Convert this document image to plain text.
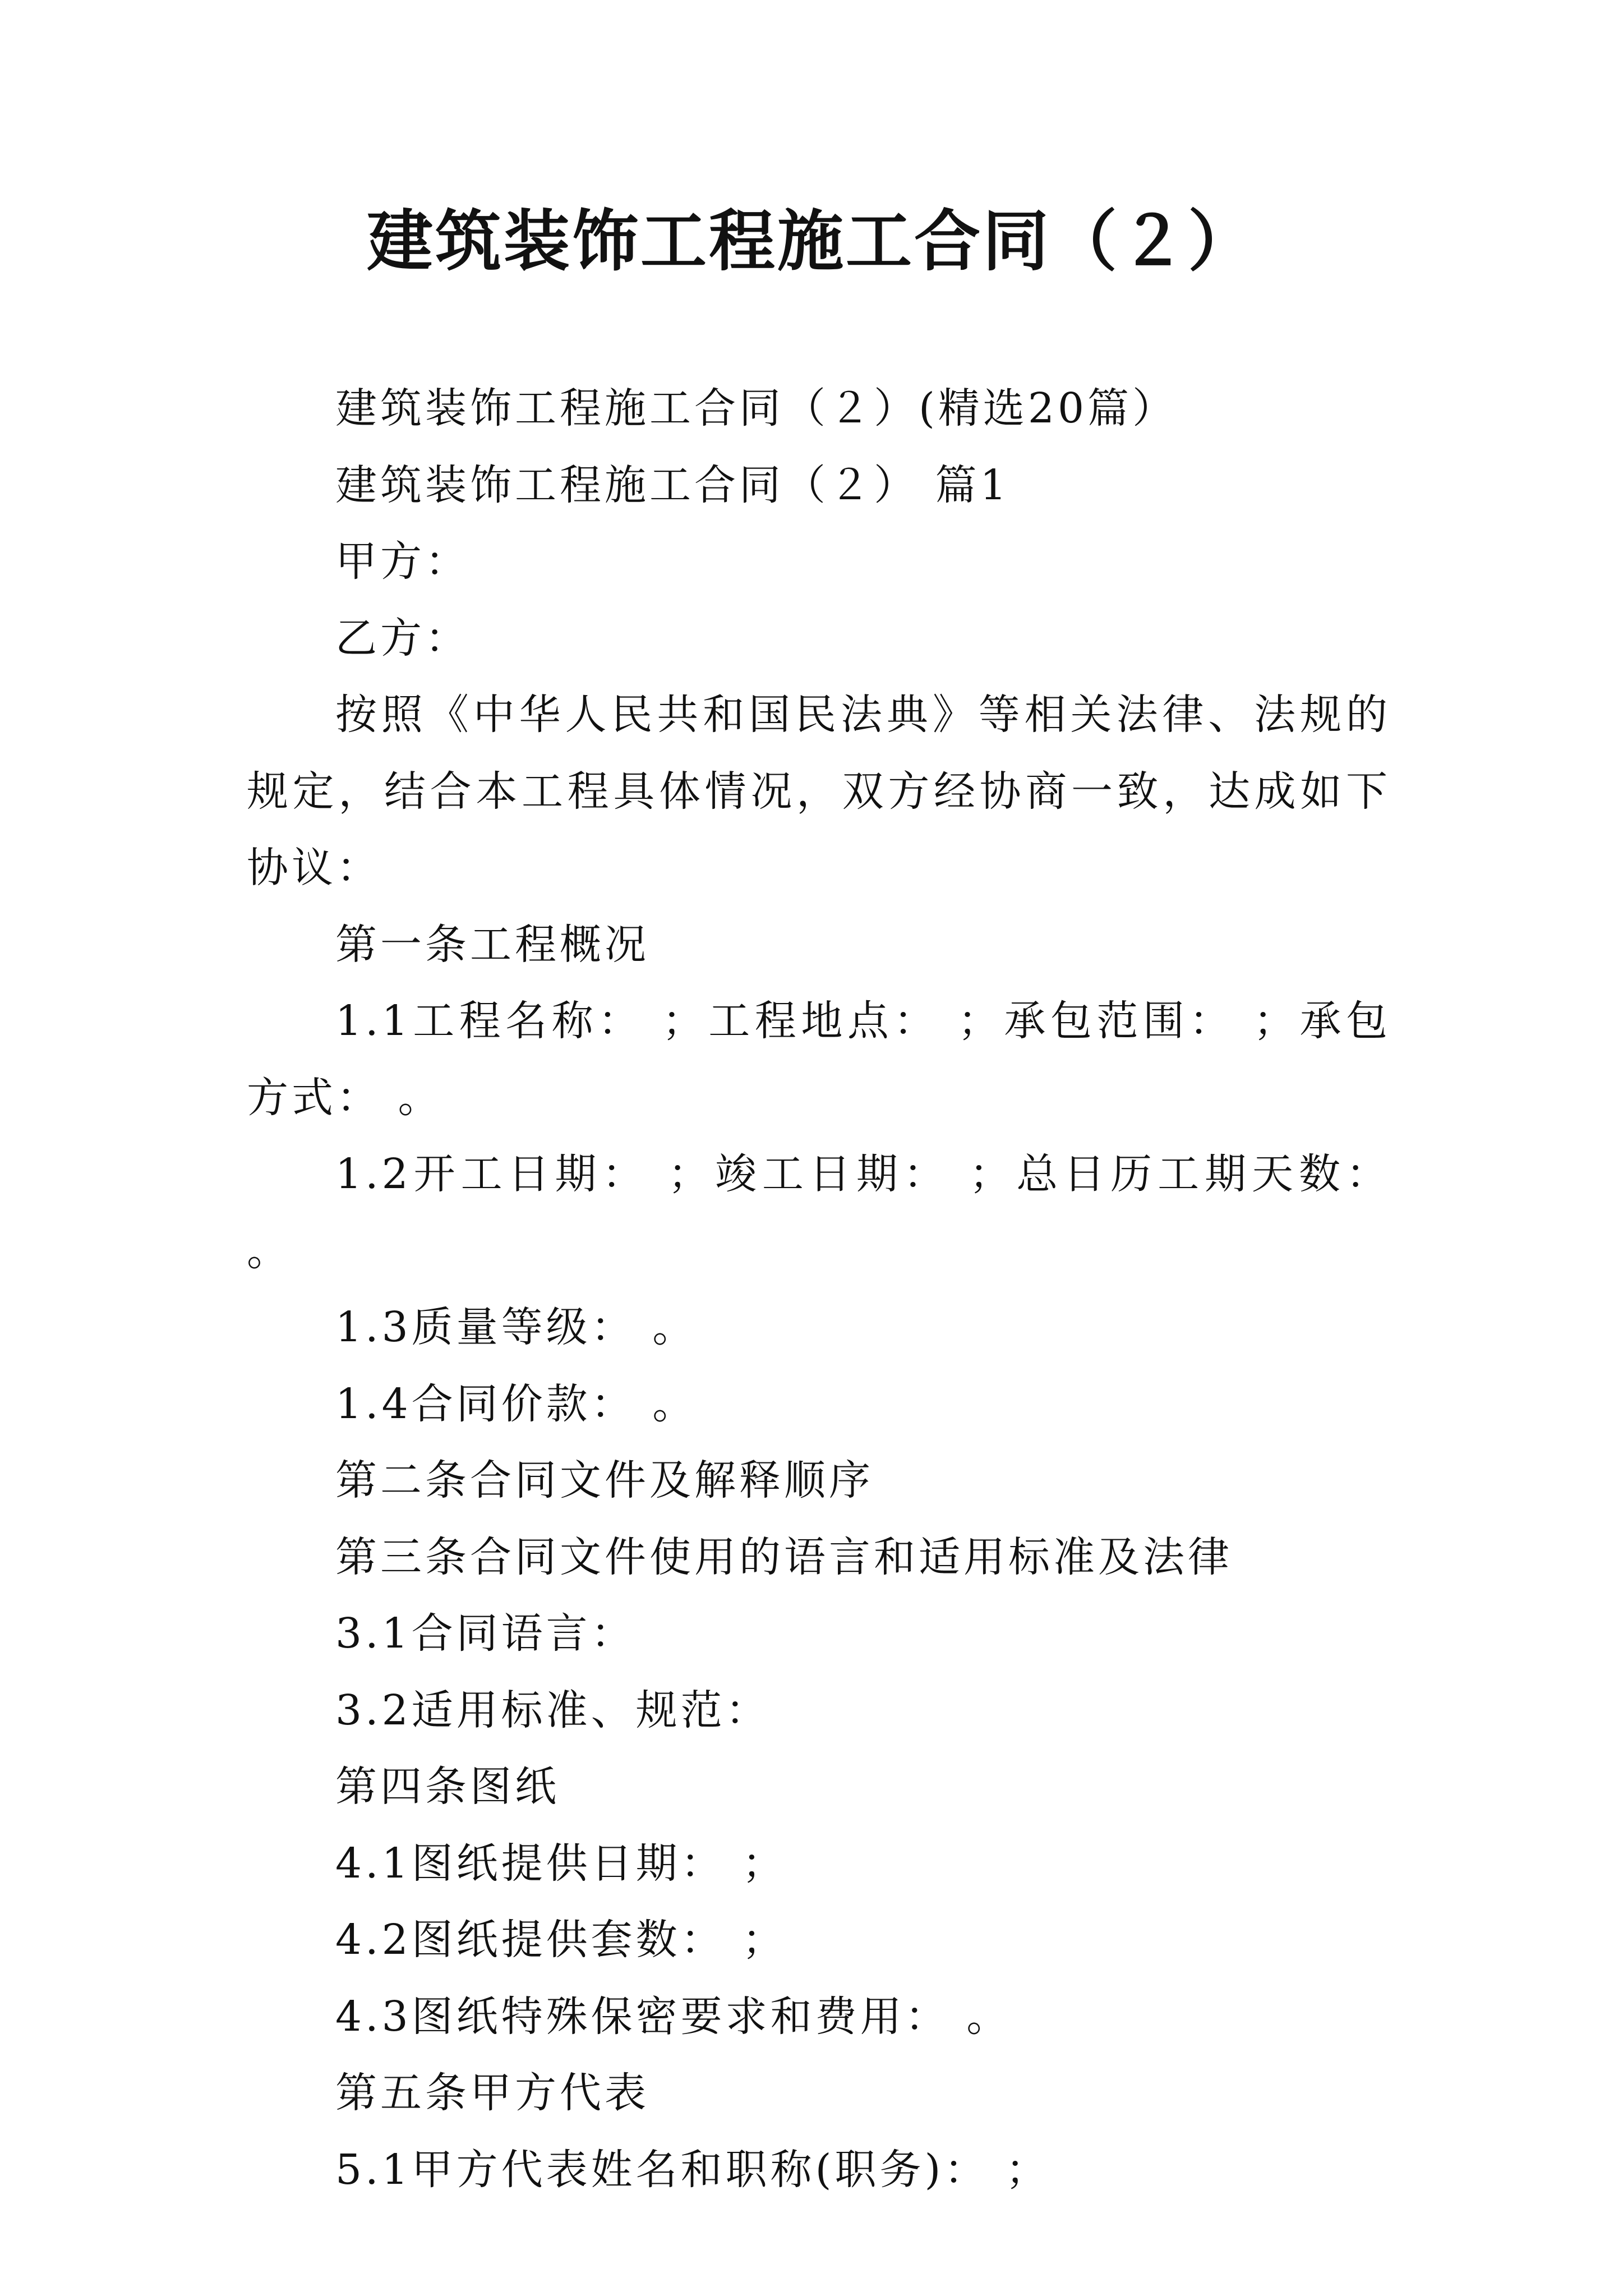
建筑装饰工程施工合同（２）

建筑装饰工程施工合同（２）(精选20篇）

建筑装饰工程施工合同（２） 篇1

甲方：

乙方：

按照《中华人民共和国民法典》等相关法律、法规的规定，结合本工程具体情况，双方经协商一致，达成如下协议：

第一条工程概况

1.1工程名称： ；工程地点： ；承包范围： ；承包方式： 。

1.2开工日期： ；竣工日期： ；总日历工期天数： 。

1.3质量等级： 。

1.4合同价款： 。

第二条合同文件及解释顺序

第三条合同文件使用的语言和适用标准及法律

3.1合同语言：

3.2适用标准、规范：

第四条图纸

4.1图纸提供日期： ；

4.2图纸提供套数： ；

4.3图纸特殊保密要求和费用： 。

第五条甲方代表

5.1甲方代表姓名和职称(职务)： ；
